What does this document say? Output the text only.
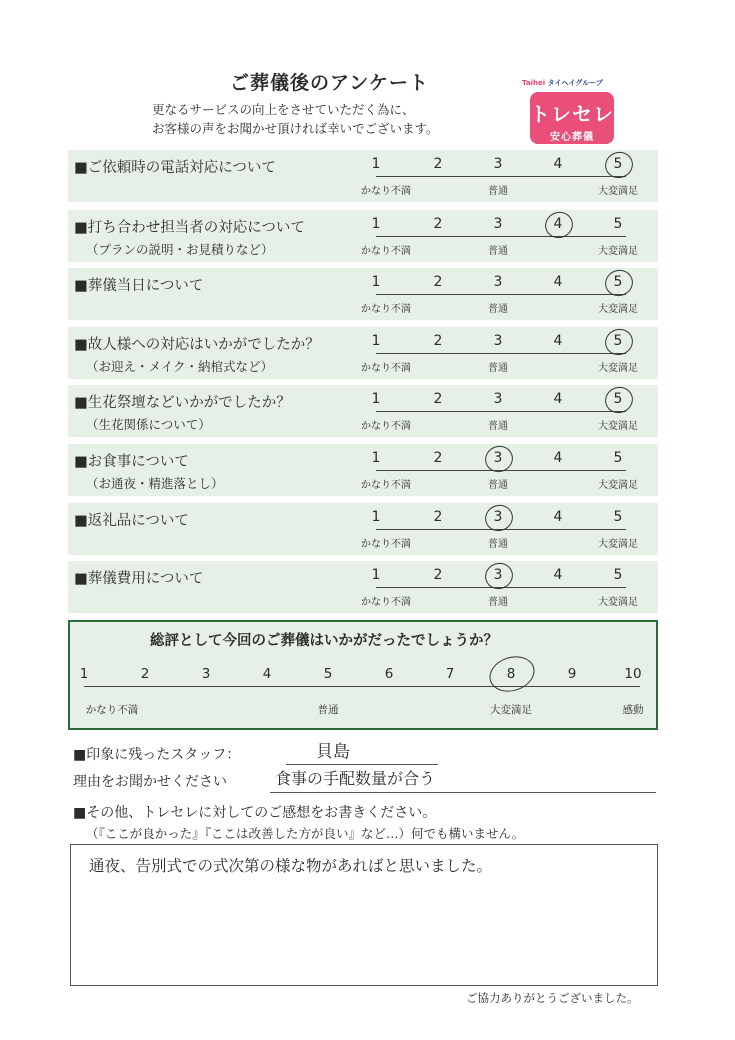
ご葬儀後のアンケート
更なるサービスの向上をさせていただく為に、
お客様の声をお聞かせ頂ければ幸いでございます。
Taihei タイヘイグループ
トレセレ
安心葬儀
■ご依頼時の電話対応について	1	2	3	4	5
かなり不満	普通	大変満足
■打ち合わせ担当者の対応について
（プランの説明・お見積りなど）
1	2	3	4	5
かなり不満	普通	大変満足
■葬儀当日について	1	2	3	4	5
かなり不満	普通	大変満足
■故人様への対応はいかがでしたか？
（お迎え・メイク・納棺式など）
1	2	3	4	5
かなり不満	普通	大変満足
■生花祭壇などいかがでしたか？
（生花関係について）
1	2	3	4	5
かなり不満	普通	大変満足
■お食事について
（お通夜・精進落とし）
1	2	3	4	5
かなり不満	普通	大変満足
■返礼品について	1	2	3	4	5
かなり不満	普通	大変満足
■葬儀費用について	1	2	3	4	5
かなり不満	普通	大変満足
総評として今回のご葬儀はいかがだったでしょうか？
1	2	3	4	5	6	7	8	9	10
かなり不満	普通	大変満足	感動
■印象に残ったスタッフ：	貝島
理由をお聞かせください	食事の手配数量が合う
■その他、トレセレに対してのご感想をお書きください。
（『ここが良かった』『ここは改善した方が良い』など…）何でも構いません。
通夜、告別式での式次第の様な物があればと思いました。
ご協力ありがとうございました。
